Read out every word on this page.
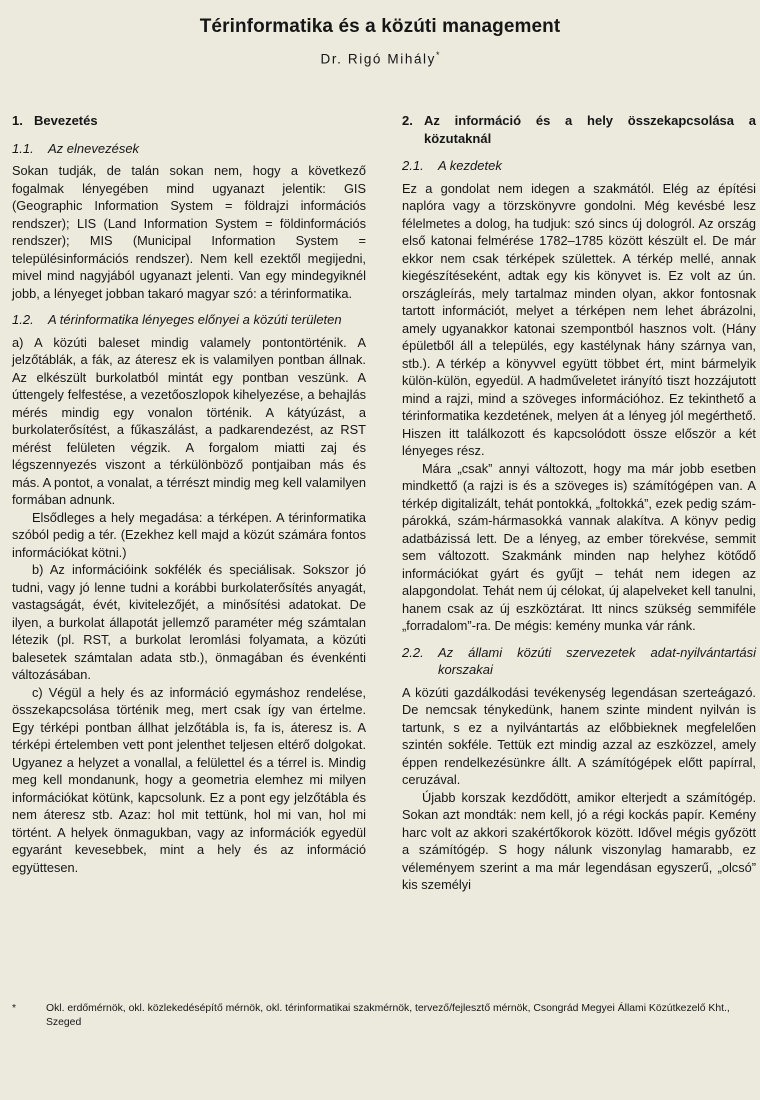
Térinformatika és a közúti management
Dr. Rigó Mihály*
1. Bevezetés
1.1.	Az elnevezések

Sokan tudják, de talán sokan nem, hogy a következő fogalmak lényegében mind ugyanazt jelentik: GIS (Geographic Information System = földrajzi információs rendszer); LIS (Land Information System = földinformációs rendszer); MIS (Municipal Information System = településinformációs rendszer). Nem kell ezektől megijedni, mivel mind nagyjából ugyanazt jelenti. Van egy mindegyiknél jobb, a lényeget jobban takaró magyar szó: a térinformatika.

1.2.	A térinformatika lényeges előnyei a közúti területen

a) A közúti baleset mindig valamely pontontörténik. A jelzőtáblák, a fák, az áteresz ek is valamilyen pontban állnak. Az elkészült burkolatból mintát egy pontban veszünk. A úttengely felfestése, a vezetőoszlopok kihelyezése, a behajlás mérés mindig egy vonalon történik. A kátyúzást, a burkolaterősítést, a fűkaszálást, a padkarendezést, az RST mérést felületen végzik. A forgalom miatti zaj és légszennyezés viszont a térkülönböző pontjaiban más és más. A pontot, a vonalat, a térrészt mindig meg kell valamilyen formában adnunk.

Elsődleges a hely megadása: a térképen. A térinformatika szóból pedig a tér. (Ezekhez kell majd a közút számára fontos információkat kötni.)

b) Az információink sokfélék és speciálisak. Sokszor jó tudni, vagy jó lenne tudni a korábbi burkolaterősítés anyagát, vastagságát, évét, kivitelezőjét, a minősítési adatokat. De ilyen, a burkolat állapotát jellemző paraméter még számtalan létezik (pl. RST, a burkolat leromlási folyamata, a közúti balesetek számtalan adata stb.), önmagában és évenkénti változásában.

c) Végül a hely és az információ egymáshoz rendelése, összekapcsolása történik meg, mert csak így van értelme. Egy térképi pontban állhat jelzőtábla is, fa is, áteresz is. A térképi értelemben vett pont jelenthet teljesen eltérő dolgokat. Ugyanez a helyzet a vonallal, a felülettel és a térrel is. Mindig meg kell mondanunk, hogy a geometria elemhez mi milyen információkat kötünk, kapcsolunk. Ez a pont egy jelzőtábla és nem áteresz stb. Azaz: hol mit tettünk, hol mi van, hol mi történt. A helyek önmagukban, vagy az információk egyedül egyaránt kevesebbek, mint a hely és az információ együttesen.

2. Az információ és a hely összekapcsolása a közutaknál
2.1.	A kezdetek

Ez a gondolat nem idegen a szakmától. Elég az építési naplóra vagy a törzskönyvre gondolni. Még kevésbé lesz félelmetes a dolog, ha tudjuk: szó sincs új dologról. Az ország első katonai felmérése 1782–1785 között készült el. De már ekkor nem csak térképek születtek. A térkép mellé, annak kiegészítéseként, adtak egy kis könyvet is. Ez volt az ún. országleírás, mely tartalmaz minden olyan, akkor fontosnak tartott információt, melyet a térképen nem lehet ábrázolni, amely ugyanakkor katonai szempontból hasznos volt. (Hány épületből áll a település, egy kastélynak hány szárnya van, stb.). A térkép a könyvvel együtt többet ért, mint bármelyik külön-külön, egyedül. A hadműveletet irányító tiszt hozzájutott mind a rajzi, mind a szöveges információhoz. Ez tekinthető a térinformatika kezdetének, melyen át a lényeg jól megérthető. Hiszen itt találkozott és kapcsolódott össze először a két lényeges rész.

Mára „csak” annyi változott, hogy ma már jobb esetben mindkettő (a rajzi is és a szöveges is) számítógépen van. A térkép digitalizált, tehát pontokká, „foltokká”, ezek pedig szám-párokká, szám-hármasokká vannak alakítva. A könyv pedig adatbázissá lett. De a lényeg, az ember törekvése, semmit sem változott. Szakmánk minden nap helyhez kötődő információkat gyárt és gyűjt – tehát nem idegen az alapgondolat. Tehát nem új célokat, új alapelveket kell tanulni, hanem csak az új eszköztárat. Itt nincs szükség semmiféle „forradalom”-ra. De mégis: kemény munka vár ránk.

2.2.	Az állami közúti szervezetek adat-nyilvántartási korszakai

A közúti gazdálkodási tevékenység legendásan szerteágazó. De nemcsak ténykedünk, hanem szinte mindent nyilván is tartunk, s ez a nyilvántartás az előbbieknek megfelelően szintén sokféle. Tettük ezt mindig azzal az eszközzel, amely éppen rendelkezésünkre állt. A számítógépek előtt papírral, ceruzával.

Újabb korszak kezdődött, amikor elterjedt a számítógép. Sokan azt mondták: nem kell, jó a régi kockás papír. Kemény harc volt az akkori szakértőkorok között. Idővel mégis győzött a számítógép. S hogy nálunk viszonylag hamarabb, ez véleményem szerint a ma már legendásan egyszerű, „olcsó” kis személyi

*	Okl. erdőmérnök, okl. közlekedésépítő mérnök, okl. térinformatikai szakmérnök, tervező/fejlesztő mérnök, Csongrád Megyei Állami Közútkezelő Kht., Szeged
